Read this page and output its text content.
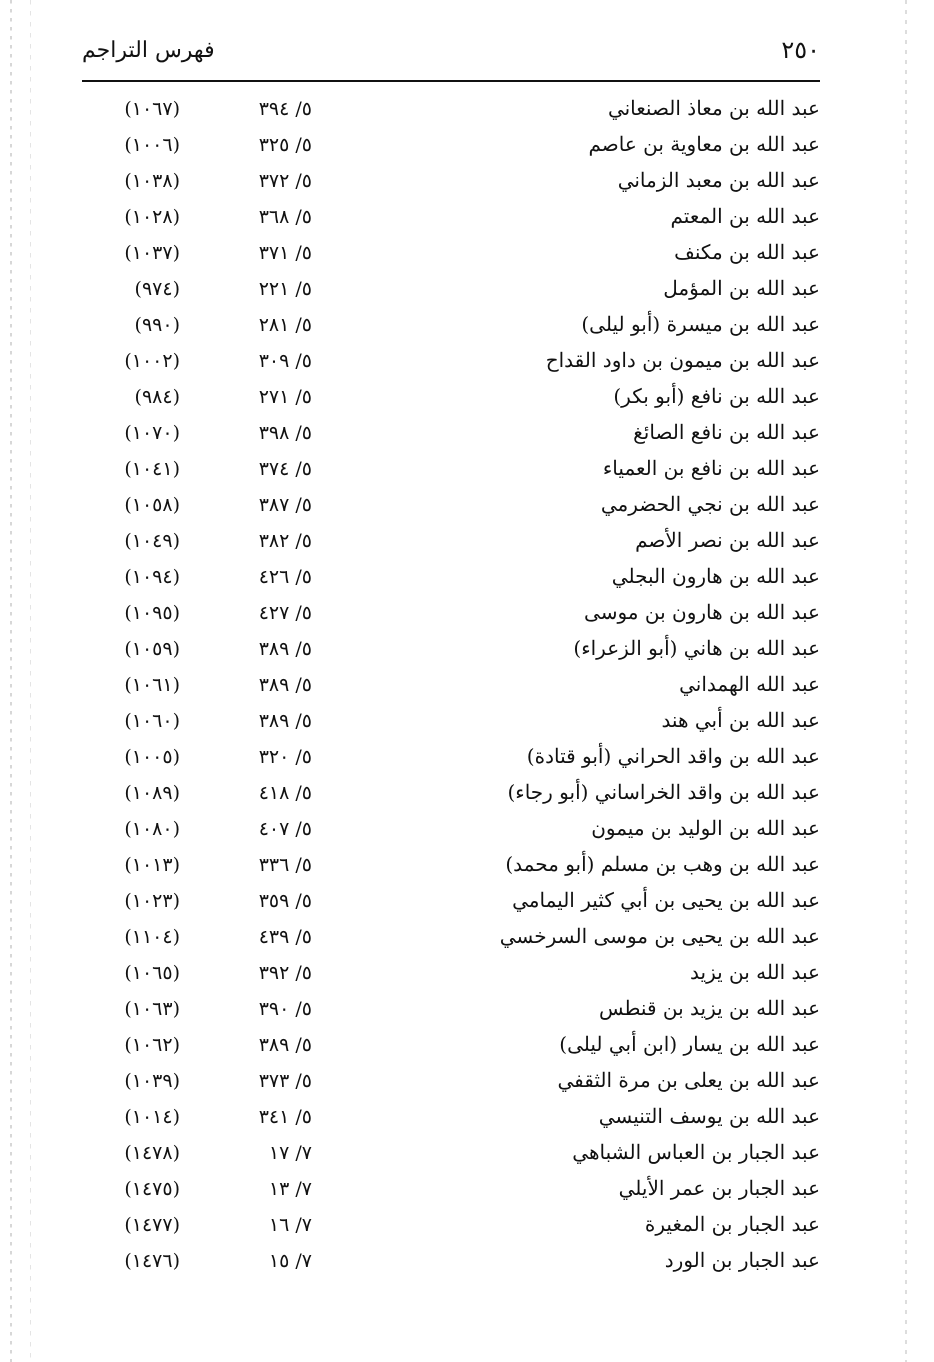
فهرس التراجم	٢٥٠
عبد الله بن معاذ الصنعاني
٥/ ٣٩٤
(١٠٦٧)
عبد الله بن معاوية بن عاصم
٥/ ٣٢٥
(١٠٠٦)
عبد الله بن معبد الزماني
٥/ ٣٧٢
(١٠٣٨)
عبد الله بن المعتم
٥/ ٣٦٨
(١٠٢٨)
عبد الله بن مكنف
٥/ ٣٧١
(١٠٣٧)
عبد الله بن المؤمل
٥/ ٢٢١
(٩٧٤)
عبد الله بن ميسرة (أبو ليلى)
٥/ ٢٨١
(٩٩٠)
عبد الله بن ميمون بن داود القداح
٥/ ٣٠٩
(١٠٠٢)
عبد الله بن نافع (أبو بكر)
٥/ ٢٧١
(٩٨٤)
عبد الله بن نافع الصائغ
٥/ ٣٩٨
(١٠٧٠)
عبد الله بن نافع بن العمياء
٥/ ٣٧٤
(١٠٤١)
عبد الله بن نجي الحضرمي
٥/ ٣٨٧
(١٠٥٨)
عبد الله بن نصر الأصم
٥/ ٣٨٢
(١٠٤٩)
عبد الله بن هارون البجلي
٥/ ٤٢٦
(١٠٩٤)
عبد الله بن هارون بن موسى
٥/ ٤٢٧
(١٠٩٥)
عبد الله بن هاني (أبو الزعراء)
٥/ ٣٨٩
(١٠٥٩)
عبد الله الهمداني
٥/ ٣٨٩
(١٠٦١)
عبد الله بن أبي هند
٥/ ٣٨٩
(١٠٦٠)
عبد الله بن واقد الحراني (أبو قتادة)
٥/ ٣٢٠
(١٠٠٥)
عبد الله بن واقد الخراساني (أبو رجاء)
٥/ ٤١٨
(١٠٨٩)
عبد الله بن الوليد بن ميمون
٥/ ٤٠٧
(١٠٨٠)
عبد الله بن وهب بن مسلم (أبو محمد)
٥/ ٣٣٦
(١٠١٣)
عبد الله بن يحيى بن أبي كثير اليمامي
٥/ ٣٥٩
(١٠٢٣)
عبد الله بن يحيى بن موسى السرخسي
٥/ ٤٣٩
(١١٠٤)
عبد الله بن يزيد
٥/ ٣٩٢
(١٠٦٥)
عبد الله بن يزيد بن قنطس
٥/ ٣٩٠
(١٠٦٣)
عبد الله بن يسار (ابن أبي ليلى)
٥/ ٣٨٩
(١٠٦٢)
عبد الله بن يعلى بن مرة الثقفي
٥/ ٣٧٣
(١٠٣٩)
عبد الله بن يوسف التنيسي
٥/ ٣٤١
(١٠١٤)
عبد الجبار بن العباس الشباهي
٧/ ١٧
(١٤٧٨)
عبد الجبار بن عمر الأيلي
٧/ ١٣
(١٤٧٥)
عبد الجبار بن المغيرة
٧/ ١٦
(١٤٧٧)
عبد الجبار بن الورد
٧/ ١٥
(١٤٧٦)
